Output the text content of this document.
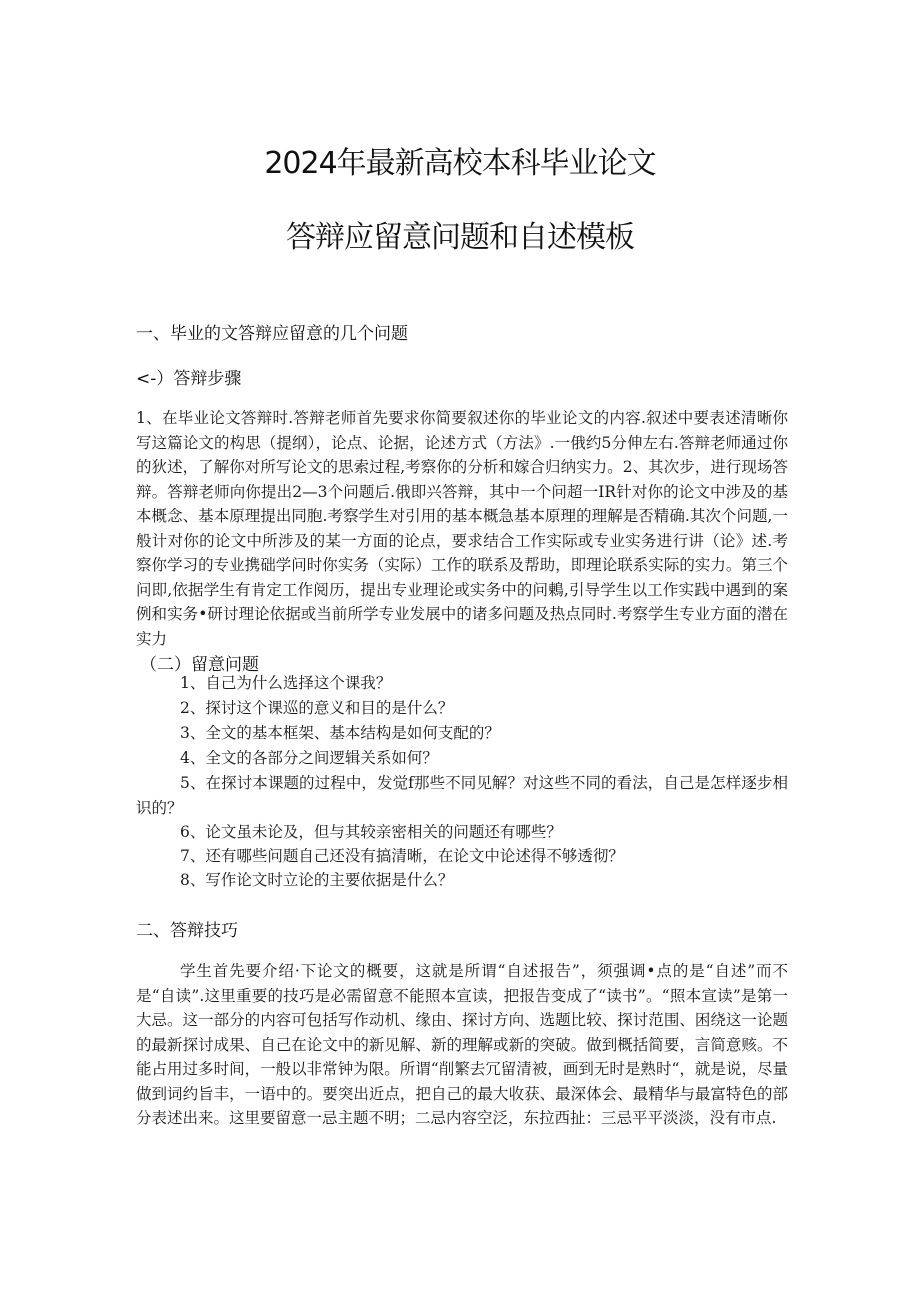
2024年最新高校本科毕业论文
答辩应留意问题和自述模板
一、毕业的文答辩应留意的几个问题
<-）答辩步骤
1、在毕业论文答辩时.答辩老师首先要求你简要叙述你的毕业论文的内容.叙述中要表述清晰你写这篇论文的构思（提纲），论点、论据，论述方式（方法》.一俄约5分伸左右.答辩老师通过你的狄述，了解你对所写论文的思索过程,考察你的分析和嫁合归纳实力。2、其次步，进行现场答辩。答辩老师向你提出2—3个问题后.俄即兴答辩，其中一个问超一IR针对你的论文中涉及的基本概念、基本原理提出同胞.考察学生对引用的基本概急基本原理的理解是否精确.其次个问题,一般计对你的论文中所涉及的某一方面的论点，要求结合工作实际或专业实务进行讲（论》述.考察你学习的专业携础学问时你实务（实际）工作的联系及帮助，即理论联系实际的实力。第三个问即,依据学生有肯定工作阅历，提出专业理论或实务中的问鶇,引导学生以工作实践中遇到的案例和实务•研讨理论依据或当前所学专业发展中的诸多问题及热点同时.考察学生专业方面的潜在实力
（二）留意问题
1、自己为什么选择这个课我？
2、探讨这个课巡的意义和目的是什么？
3、全文的基本框架、基本结构是如何支配的？
4、全文的各部分之间逻辑关系如何？
5、在探讨本课题的过程中，发觉f那些不同见解？对这些不同的看法，自己是怎样逐步相识的？
6、论文虽未论及，但与其较亲密相关的问题还有哪些？
7、还有哪些问题自己还没有搞清晰，在论文中论述得不够透彻？
8、写作论文时立论的主要依据是什么？
二、答辩技巧
学生首先要介绍·下论文的概要，这就是所谓“自述报告”，须强调•点的是“自述”而不是“自读”.这里重要的技巧是必需留意不能照本宣读，把报告变成了“读书”。“照本宣读”是第一大忌。这一部分的内容可包括写作动机、缘由、探讨方向、选题比较、探讨范围、困绕这一论题的最新探讨成果、自己在论文中的新见解、新的理解或新的突破。做到概括简要，言简意赅。不能占用过多时间，一般以非常钟为限。所谓“削繁去冗留清被，画到无时是熟时“，就是说，尽量做到词约旨丰，一语中的。要突出近点，把自己的最大收获、最深体会、最精华与最富特色的部分表述出来。这里要留意一忌主题不明；二忌内容空泛，东拉西扯：三忌平平淡淡，没有市点.
